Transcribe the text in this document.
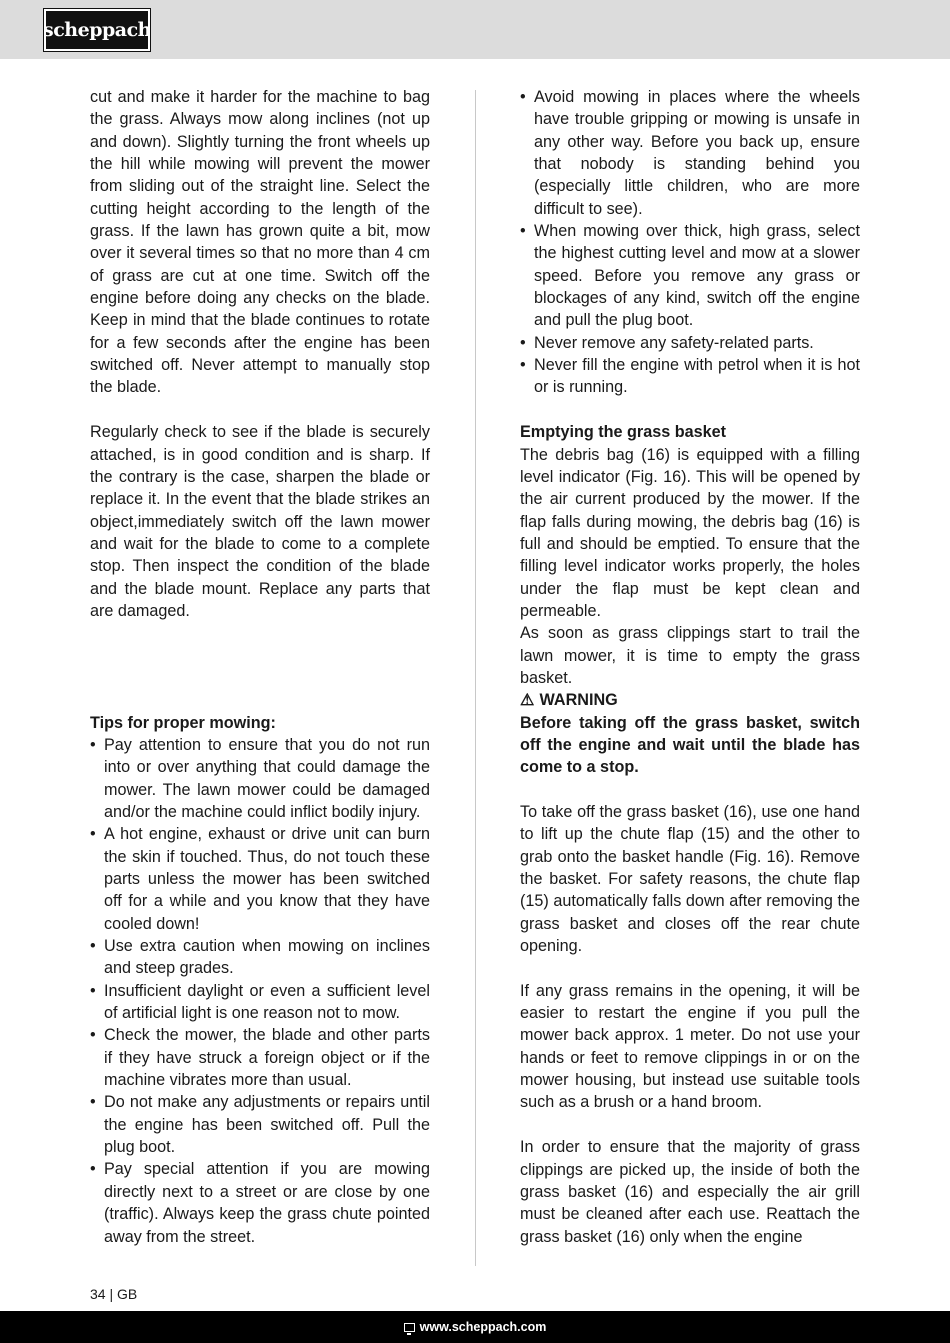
scheppach

cut and make it harder for the machine to bag the grass. Always mow along inclines (not up and down). Slightly turning the front wheels up the hill while mowing will prevent the mower from sliding out of the straight line. Select the cutting height according to the length of the grass. If the lawn has grown quite a bit, mow over it several times so that no more than 4 cm of grass are cut at one time. Switch off the engine before doing any checks on the blade. Keep in mind that the blade continues to rotate for a few seconds after the engine has been switched off. Never attempt to manually stop the blade.

Regularly check to see if the blade is securely attached, is in good condition and is sharp. If the contrary is the case, sharpen the blade or replace it. In the event that the blade strikes an object,immediately switch off the lawn mower and wait for the blade to come to a complete stop. Then inspect the condition of the blade and the blade mount. Replace any parts that are damaged.

Tips for proper mowing:

• Pay attention to ensure that you do not run into or over anything that could damage the mower. The lawn mower could be damaged and/or the machine could inflict bodily injury.
• A hot engine, exhaust or drive unit can burn the skin if touched. Thus, do not touch these parts unless the mower has been switched off for a while and you know that they have cooled down!
• Use extra caution when mowing on inclines and steep grades.
• Insufficient daylight or even a sufficient level of artificial light is one reason not to mow.
• Check the mower, the blade and other parts if they have struck a foreign object or if the machine vibrates more than usual.
• Do not make any adjustments or repairs until the engine has been switched off. Pull the plug boot.
• Pay special attention if you are mowing directly next to a street or are close by one (traffic). Always keep the grass chute pointed away from the street.
• Avoid mowing in places where the wheels have trouble gripping or mowing is unsafe in any other way. Before you back up, ensure that nobody is standing behind you (especially little children, who are more difficult to see).
• When mowing over thick, high grass, select the highest cutting level and mow at a slower speed. Before you remove any grass or blockages of any kind, switch off the engine and pull the plug boot.
• Never remove any safety-related parts.
• Never fill the engine with petrol when it is hot or is running.

Emptying the grass basket

The debris bag (16) is equipped with a filling level indicator (Fig. 16). This will be opened by the air current produced by the mower. If the flap falls during mowing, the debris bag (16) is full and should be emptied. To ensure that the filling level indicator works properly, the holes under the flap must be kept clean and permeable.

As soon as grass clippings start to trail the lawn mower, it is time to empty the grass basket.

⚠ WARNING

Before taking off the grass basket, switch off the engine and wait until the blade has come to a stop.

To take off the grass basket (16), use one hand to lift up the chute flap (15) and the other to grab onto the basket handle (Fig. 16). Remove the basket. For safety reasons, the chute flap (15) automatically falls down after removing the grass basket and closes off the rear chute opening.

If any grass remains in the opening, it will be easier to restart the engine if you pull the mower back approx. 1 meter. Do not use your hands or feet to remove clippings in or on the mower housing, but instead use suitable tools such as a brush or a hand broom.

In order to ensure that the majority of grass clippings are picked up, the inside of both the grass basket (16) and especially the air grill must be cleaned after each use. Reattach the grass basket (16) only when the engine

34 | GB
www.scheppach.com
